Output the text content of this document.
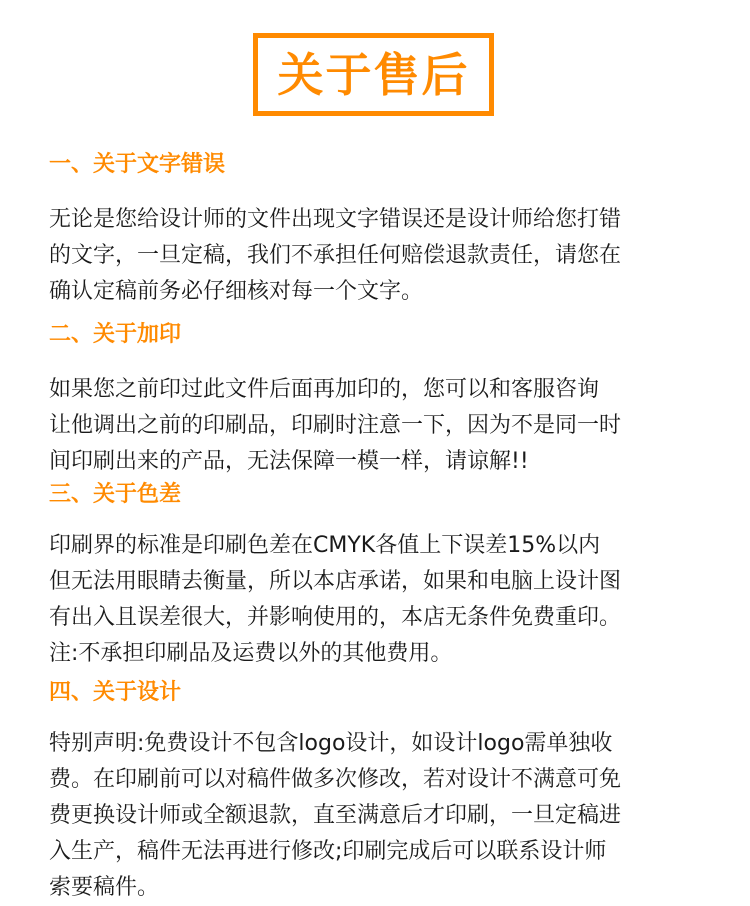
关于售后
一、关于文字错误

无论是您给设计师的文件出现文字错误还是设计师给您打错
的文字，一旦定稿，我们不承担任何赔偿退款责任，请您在
确认定稿前务必仔细核对每一个文字。

二、关于加印

如果您之前印过此文件后面再加印的，您可以和客服咨询
让他调出之前的印刷品，印刷时注意一下，因为不是同一时
间印刷出来的产品，无法保障一模一样，请谅解!!

三、关于色差

印刷界的标准是印刷色差在CMYK各值上下误差15%以内
但无法用眼睛去衡量，所以本店承诺，如果和电脑上设计图
有出入且误差很大，并影响使用的，本店无条件免费重印。
注:不承担印刷品及运费以外的其他费用。

四、关于设计

特别声明:免费设计不包含logo设计，如设计logo需单独收
费。在印刷前可以对稿件做多次修改，若对设计不满意可免
费更换设计师或全额退款，直至满意后才印刷，一旦定稿进
入生产，稿件无法再进行修改;印刷完成后可以联系设计师
索要稿件。
